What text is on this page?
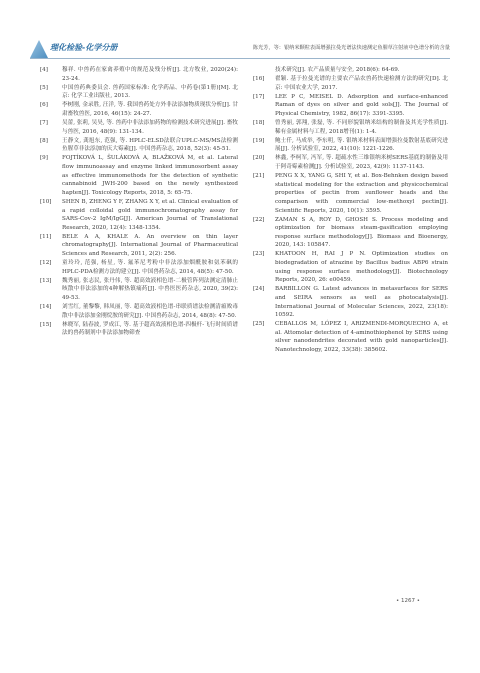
理化检验-化学分册	陈光芳，等：银纳米颗粒表面增强拉曼光谱法快速测定鱼腥草注射液中色谱分析的含量
[4]	穆祥. 中兽药在家禽养殖中的规范及残分析[J]. 北方牧业, 2020(24): 23-24.
[5]	中国兽药典委员会. 兽药国家标准: 化学药品、中药卷(第1册)[M]. 北京: 化学工业出版社, 2013.
[6]	李树刚, 金录胜, 汪洋, 等. 我国兽药处方外非法添加物质现状分析[J]. 甘肃畜牧兽医, 2016, 46(15): 24-27.
[7]	吴蕾, 张莉, 吴昊, 等. 兽药中非法添加药物的检测技术研究进展[J]. 畜牧与兽医, 2016, 48(9): 131-134.
[8]	王静文, 龚旭东, 范强, 等. HPLC-ELSD法联合UPLC-MS/MS法检测鱼腥草非法添加的庆大霉素[J]. 中国兽药杂志, 2018, 52(3): 45-51.
[9]	FOJTÍKOVÁ L, ŠULÁKOVÁ A, BLAŽKOVÁ M, et al. Lateral flow immunoassay and enzyme linked immunosorbent assay as effective immunomethods for the detection of synthetic cannabinoid JWH-200 based on the newly synthesized hapten[J]. Toxicology Reports, 2018, 5: 65-75.
[10] SHEN B, ZHENG Y F, ZHANG X Y, et al. Clinical evaluation of a rapid colloidal gold immunochromatography assay for SARS-Cov-2 IgM/IgG[J]. American Journal of Translational Research, 2020, 12(4): 1348-1354.
[11] BELE A A, KHALE A. An overview on thin layer chromatography[J]. International Journal of Pharmaceutical Sciences and Research, 2011, 2(2): 256.
[12] 童玲玲, 范强, 杨星, 等. 氟苯尼考粉中非法添加烟酰胺和氨苯砜的HPLC-PDA检测方法的建立[J]. 中国兽药杂志, 2014, 48(5): 47-50.
[13] 魏秀丽, 张志民, 张丹伟, 等. 超高效液相色谱-二极管阵列法测定清肺止咳散中非法添加的4种解热镇痛药[J]. 中兽医医药杂志, 2020, 39(2): 49-53.
[14] 刘雪红, 董黎黎, 韩凤丽, 等. 超高效液相色谱-串联质谱法检测清瘟败毒散中非法添加金刚烷胺的研究[J]. 中国兽药杂志, 2014, 48(8): 47-50.
[15] 林晓军, 陆春波, 罗成江, 等. 基于超高效液相色谱-四极杆-飞行时间质谱法的兽药制剂中非法添加物筛查
技术研究[J]. 农产品质量与安全, 2018(6): 64-69.
[16] 翟颖. 基于拉曼光谱的主要农产品农兽药快速检测方法的研究[D]. 北京: 中国农业大学, 2017.
[17] LEE P C, MEISEL D. Adsorption and surface-enhanced Raman of dyes on silver and gold sols[J]. The Journal of Physical Chemistry, 1982, 86(17): 3391-3395.
[18] 曾秀丽, 郭翔, 张磊, 等. 不同形貌银纳米结构的制备及其光学性质[J]. 稀有金属材料与工程, 2018增刊(1): 1-4.
[19] 鲍士仟, 马成举, 李东明, 等. 银纳米材料表面增强拉曼散射基底研究进展[J]. 分析试验室, 2022, 41(10): 1221-1226.
[20] 林鑫, 李柯军, 冯军, 等. 超疏水性三维银纳米树SERS基底的制备及用于阿奇霉素检测[J]. 分析试验室, 2023, 42(9): 1137-1143.
[21] PENG X X, YANG G, SHI Y, et al. Box-Behnken design based statistical modeling for the extraction and physicochemical properties of pectin from sunflower heads and the comparison with commercial low-methoxyl pectin[J]. Scientific Reports, 2020, 10(1): 3595.
[22] ZAMAN S A, ROY D, GHOSH S. Process modeling and optimization for biomass steam-gasification employing response surface methodology[J]. Biomass and Bioenergy, 2020, 143: 105847.
[23] KHATOON H, RAI J P N. Optimization studies on biodegradation of atrazine by Bacillus badius ABP6 strain using response surface methodology[J]. Biotechnology Reports, 2020, 26: e00459.
[24] BARBILLON G. Latest advances in metasurfaces for SERS and SEIRA sensors as well as photocatalysis[J]. International Journal of Molecular Sciences, 2022, 23(18): 10592.
[25] CEBALLOS M, LÓPEZ I, ARIZMENDI-MORQUECHO A, et al. Attomolar detection of 4-aminothiophenol by SERS using silver nanodendrites decorated with gold nanoparticles[J]. Nanotechnology, 2022, 33(38): 385602.
• 1267 •
